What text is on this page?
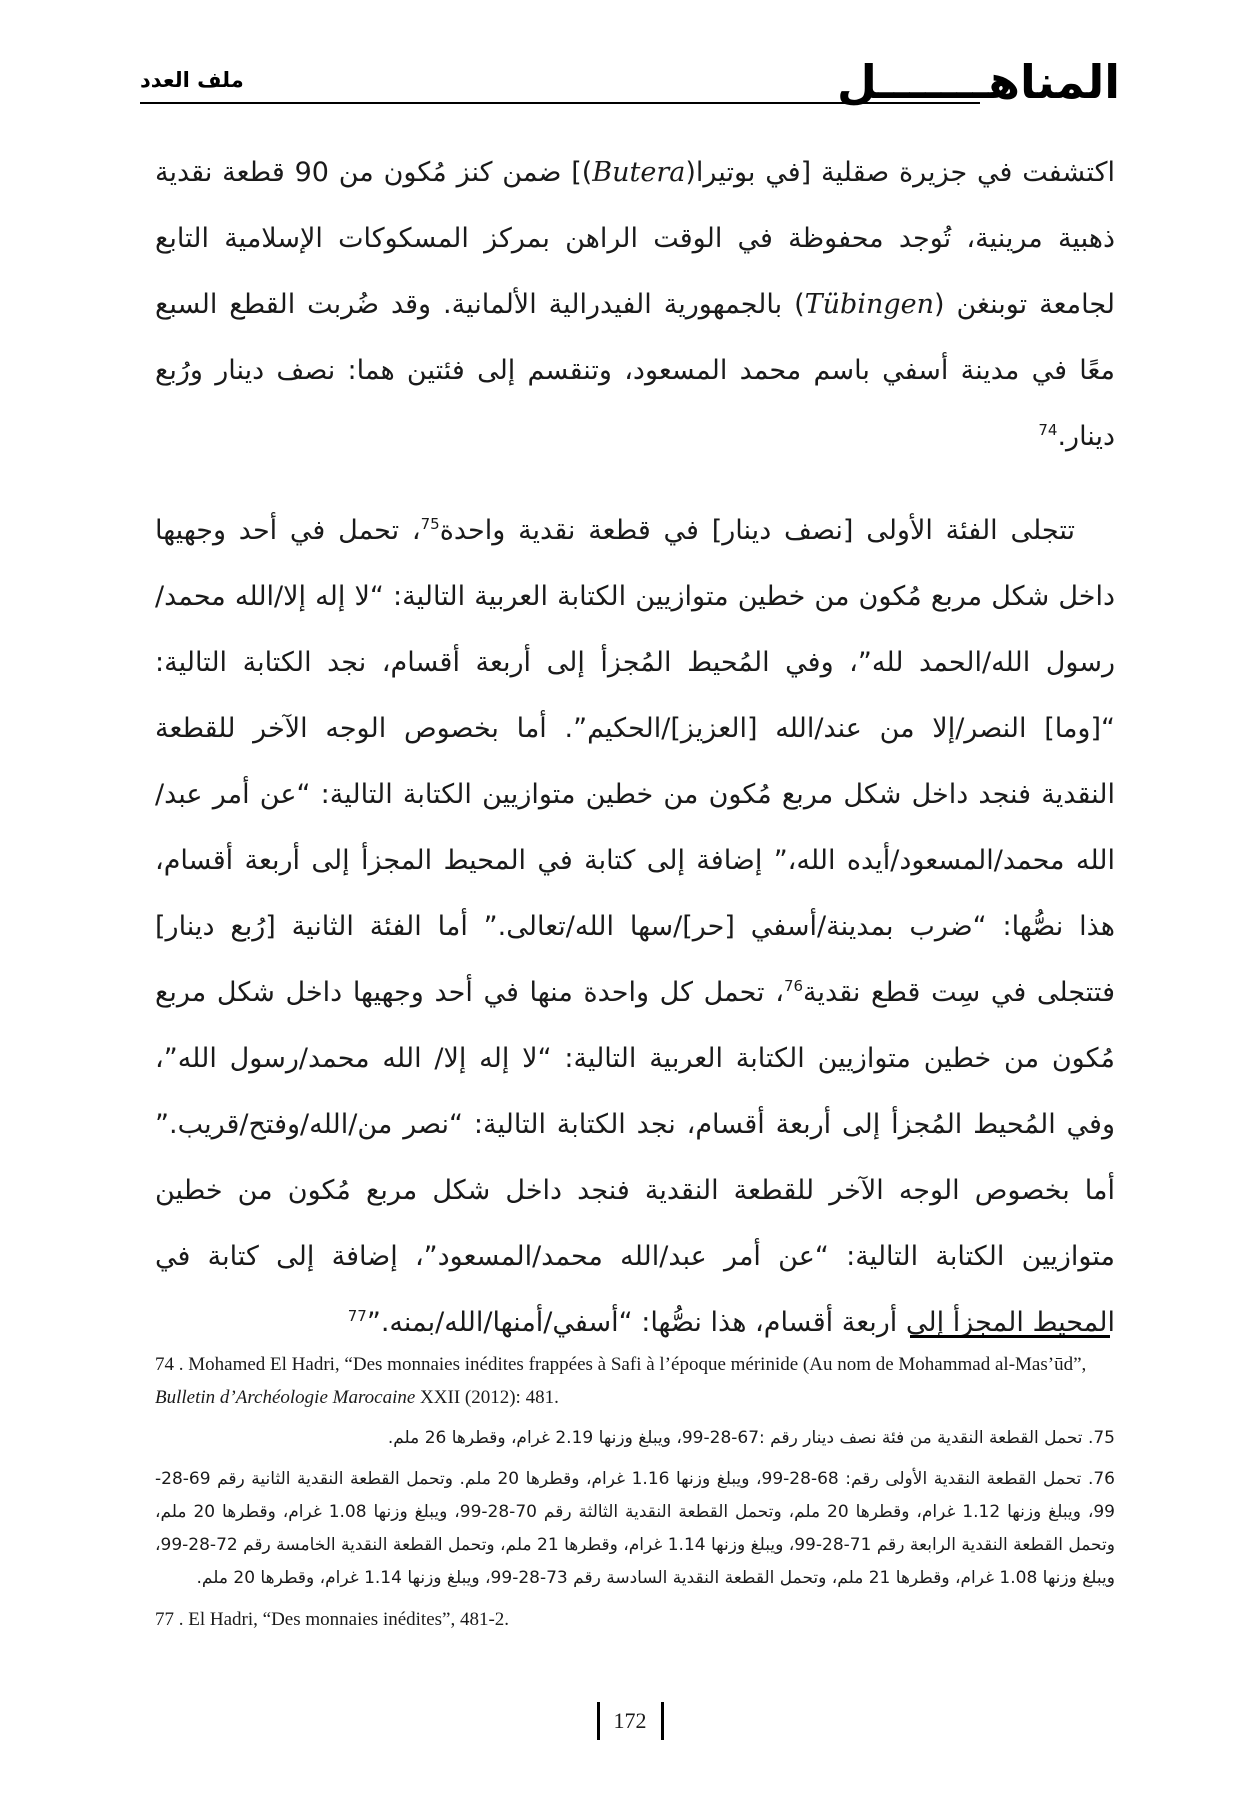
المناهـــــــل
ملف العدد

اكتشفت في جزيرة صقلية [في بوتيرا(Butera)] ضمن كنز مُكون من 90 قطعة نقدية ذهبية مرينية، تُوجد محفوظة في الوقت الراهن بمركز المسكوكات الإسلامية التابع لجامعة توبنغن (Tübingen) بالجمهورية الفيدرالية الألمانية. وقد ضُربت القطع السبع معًا في مدينة أسفي باسم محمد المسعود، وتنقسم إلى فئتين هما: نصف دينار ورُبع دينار.$^{74}$

تتجلى الفئة الأولى [نصف دينار] في قطعة نقدية واحدة$^{75}$، تحمل في أحد وجهيها داخل شكل مربع مُكون من خطين متوازيين الكتابة العربية التالية: “لا إله إلا/الله محمد/رسول الله/الحمد لله”، وفي المُحيط المُجزأ إلى أربعة أقسام، نجد الكتابة التالية: “[وما] النصر/إلا من عند/الله [العزيز]/الحكيم”. أما بخصوص الوجه الآخر للقطعة النقدية فنجد داخل شكل مربع مُكون من خطين متوازيين الكتابة التالية: “عن أمر عبد/الله محمد/المسعود/أيده الله،” إضافة إلى كتابة في المحيط المجزأ إلى أربعة أقسام، هذا نصُّها: “ضرب بمدينة/أسفي [حر]/سها الله/تعالى.” أما الفئة الثانية [رُبع دينار] فتتجلى في سِت قطع نقدية$^{76}$، تحمل كل واحدة منها في أحد وجهيها داخل شكل مربع مُكون من خطين متوازيين الكتابة العربية التالية: “لا إله إلا/ الله محمد/رسول الله”، وفي المُحيط المُجزأ إلى أربعة أقسام، نجد الكتابة التالية: “نصر من/الله/وفتح/قريب.” أما بخصوص الوجه الآخر للقطعة النقدية فنجد داخل شكل مربع مُكون من خطين متوازيين الكتابة التالية: “عن أمر عبد/الله محمد/المسعود”، إضافة إلى كتابة في المحيط المجزأ إلى أربعة أقسام، هذا نصُّها: “أسفي/أمنها/الله/بمنه.”$^{77}$

74 . Mohamed El Hadri, “Des monnaies inédites frappées à Safi à l’époque mérinide (Au nom de Mohammad al-Mas’ūd”, Bulletin d’Archéologie Marocaine XXII (2012): 481.

75. تحمل القطعة النقدية من فئة نصف دينار رقم :67-28-99، ويبلغ وزنها 2.19 غرام، وقطرها 26 ملم.

76. تحمل القطعة النقدية الأولى رقم: 68-28-99، ويبلغ وزنها 1.16 غرام، وقطرها 20 ملم. وتحمل القطعة النقدية الثانية رقم 69-28-99، ويبلغ وزنها 1.12 غرام، وقطرها 20 ملم، وتحمل القطعة النقدية الثالثة رقم 70-28-99، ويبلغ وزنها 1.08 غرام، وقطرها 20 ملم، وتحمل القطعة النقدية الرابعة رقم 71-28-99، ويبلغ وزنها 1.14 غرام، وقطرها 21 ملم، وتحمل القطعة النقدية الخامسة رقم 72-28-99، ويبلغ وزنها 1.08 غرام، وقطرها 21 ملم، وتحمل القطعة النقدية السادسة رقم 73-28-99، ويبلغ وزنها 1.14 غرام، وقطرها 20 ملم.

77 . El Hadri, “Des monnaies inédites”, 481-2.

172
